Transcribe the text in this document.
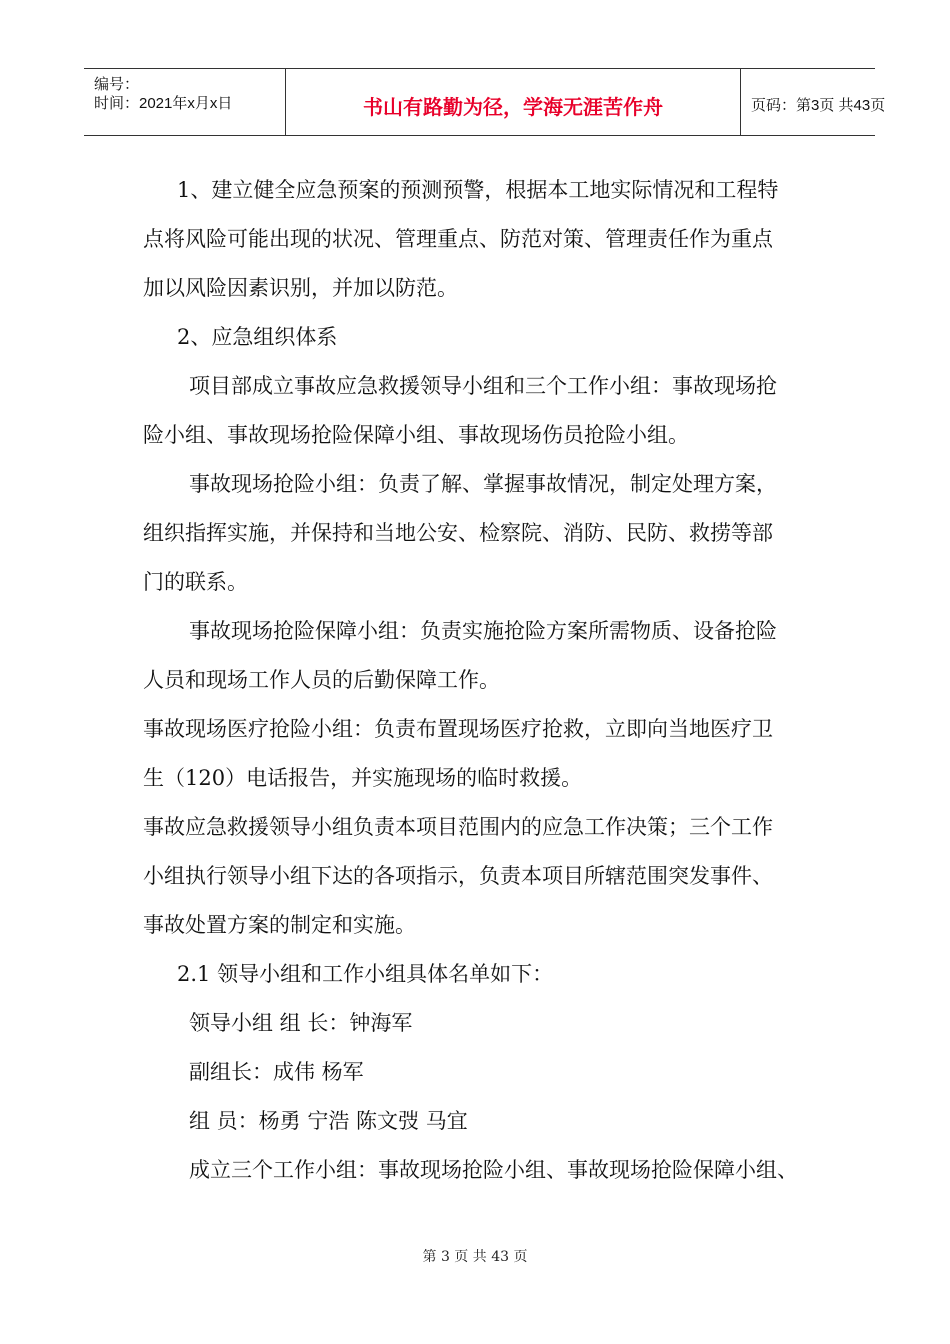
编号：
时间：2021年x月x日	书山有路勤为径，学海无涯苦作舟	页码：第3页 共43页
1、建立健全应急预案的预测预警，根据本工地实际情况和工程特
点将风险可能出现的状况、管理重点、防范对策、管理责任作为重点
加以风险因素识别，并加以防范。
2、应急组织体系
项目部成立事故应急救援领导小组和三个工作小组：事故现场抢
险小组、事故现场抢险保障小组、事故现场伤员抢险小组。
事故现场抢险小组：负责了解、掌握事故情况，制定处理方案，
组织指挥实施，并保持和当地公安、检察院、消防、民防、救捞等部
门的联系。
事故现场抢险保障小组：负责实施抢险方案所需物质、设备抢险
人员和现场工作人员的后勤保障工作。
事故现场医疗抢险小组：负责布置现场医疗抢救，立即向当地医疗卫
生（120）电话报告，并实施现场的临时救援。
事故应急救援领导小组负责本项目范围内的应急工作决策；三个工作
小组执行领导小组下达的各项指示，负责本项目所辖范围突发事件、
事故处置方案的制定和实施。
2.1 领导小组和工作小组具体名单如下：
领导小组 组 长：钟海军
副组长：成伟 杨军
组 员：杨勇 宁浩 陈文弢 马宜
成立三个工作小组：事故现场抢险小组、事故现场抢险保障小组、
第 3 页 共 43 页
